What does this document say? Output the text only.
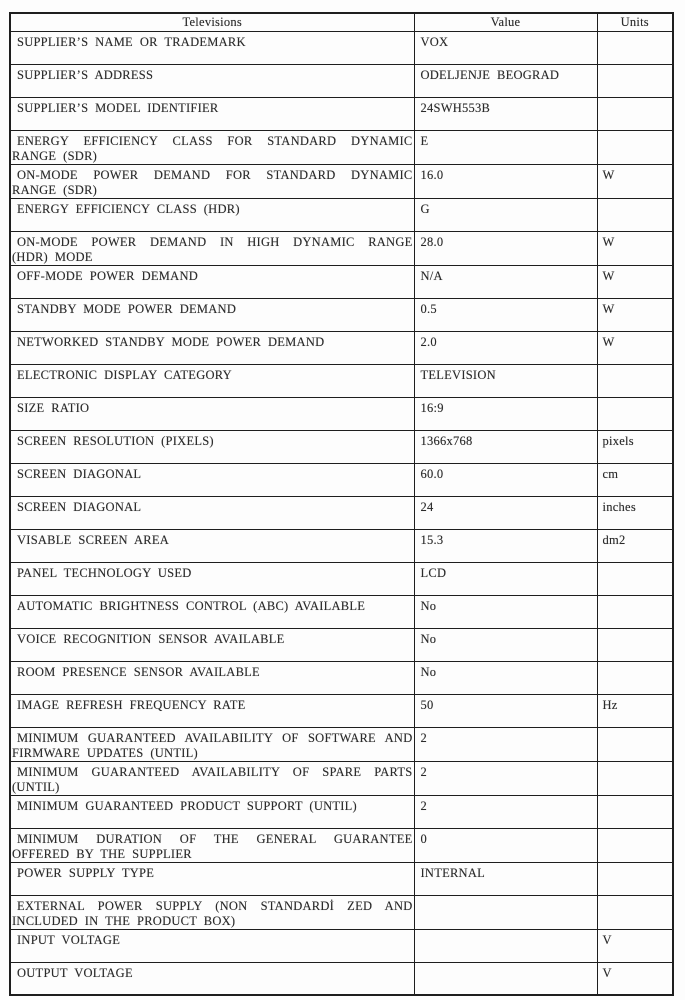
Televisions	Value	Units
SUPPLIER’S NAME OR TRADEMARK	VOX	
SUPPLIER’S ADDRESS	ODELJENJE BEOGRAD	
SUPPLIER’S MODEL IDENTIFIER	24SWH553B	
ENERGY EFFICIENCY CLASS FOR STANDARD DYNAMIC RANGE (SDR)	E	
ON-MODE POWER DEMAND FOR STANDARD DYNAMIC RANGE (SDR)	16.0	W
ENERGY EFFICIENCY CLASS (HDR)	G	
ON-MODE POWER DEMAND IN HIGH DYNAMIC RANGE (HDR) MODE	28.0	W
OFF-MODE POWER DEMAND	N/A	W
STANDBY MODE POWER DEMAND	0.5	W
NETWORKED STANDBY MODE POWER DEMAND	2.0	W
ELECTRONIC DISPLAY CATEGORY	TELEVISION	
SIZE RATIO	16:9	
SCREEN RESOLUTION (PIXELS)	1366x768	pixels
SCREEN DIAGONAL	60.0	cm
SCREEN DIAGONAL	24	inches
VISABLE SCREEN AREA	15.3	dm2
PANEL TECHNOLOGY USED	LCD	
AUTOMATIC BRIGHTNESS CONTROL (ABC) AVAILABLE	No	
VOICE RECOGNITION SENSOR AVAILABLE	No	
ROOM PRESENCE SENSOR AVAILABLE	No	
IMAGE REFRESH FREQUENCY RATE	50	Hz
MINIMUM GUARANTEED AVAILABILITY OF SOFTWARE AND FIRMWARE UPDATES (UNTIL)	2	
MINIMUM GUARANTEED AVAILABILITY OF SPARE PARTS (UNTIL)	2	
MINIMUM GUARANTEED PRODUCT SUPPORT (UNTIL)	2	
MINIMUM DURATION OF THE GENERAL GUARANTEE OFFERED BY THE SUPPLIER	0	
POWER SUPPLY TYPE	INTERNAL	
EXTERNAL POWER SUPPLY (NON STANDARDİ ZED AND INCLUDED IN THE PRODUCT BOX)		
INPUT VOLTAGE		V
OUTPUT VOLTAGE		V
